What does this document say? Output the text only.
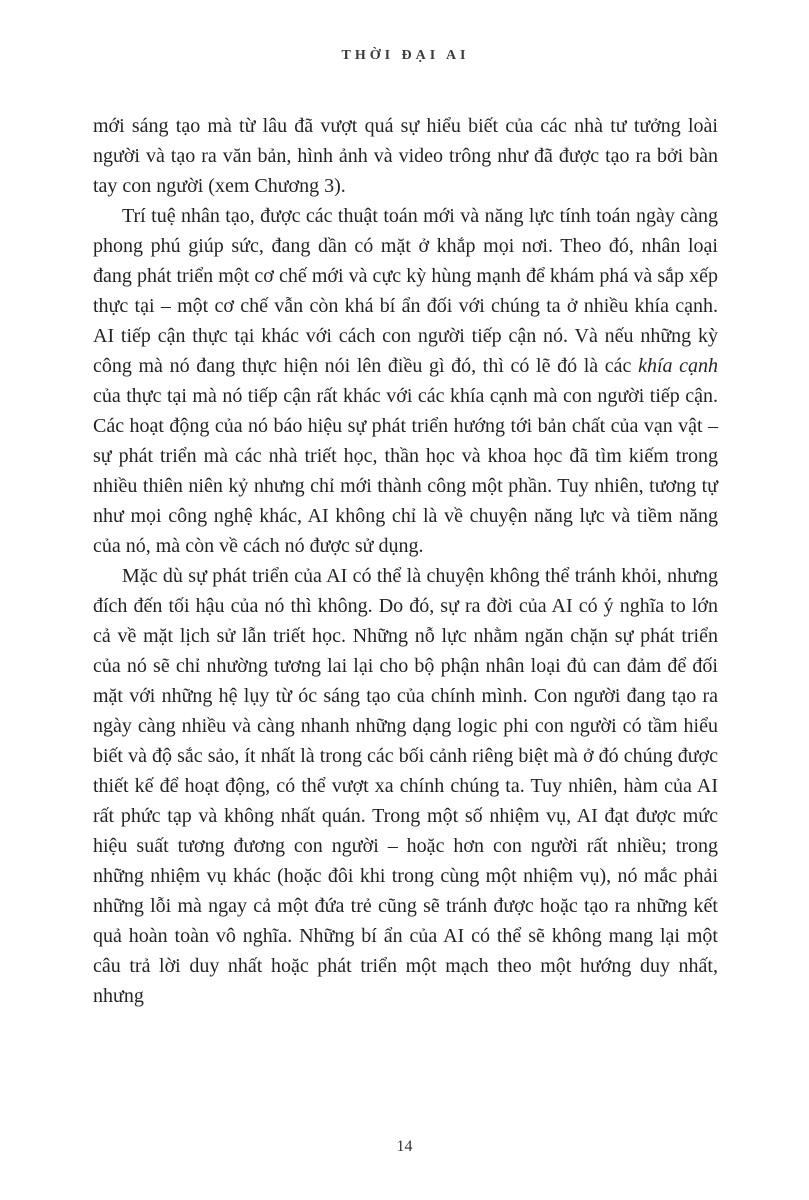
THỜI ĐẠI AI

mới sáng tạo mà từ lâu đã vượt quá sự hiểu biết của các nhà tư tưởng loài người và tạo ra văn bản, hình ảnh và video trông như đã được tạo ra bởi bàn tay con người (xem Chương 3).

Trí tuệ nhân tạo, được các thuật toán mới và năng lực tính toán ngày càng phong phú giúp sức, đang dần có mặt ở khắp mọi nơi. Theo đó, nhân loại đang phát triển một cơ chế mới và cực kỳ hùng mạnh để khám phá và sắp xếp thực tại – một cơ chế vẫn còn khá bí ẩn đối với chúng ta ở nhiều khía cạnh. AI tiếp cận thực tại khác với cách con người tiếp cận nó. Và nếu những kỳ công mà nó đang thực hiện nói lên điều gì đó, thì có lẽ đó là các khía cạnh của thực tại mà nó tiếp cận rất khác với các khía cạnh mà con người tiếp cận. Các hoạt động của nó báo hiệu sự phát triển hướng tới bản chất của vạn vật – sự phát triển mà các nhà triết học, thần học và khoa học đã tìm kiếm trong nhiều thiên niên kỷ nhưng chỉ mới thành công một phần. Tuy nhiên, tương tự như mọi công nghệ khác, AI không chỉ là về chuyện năng lực và tiềm năng của nó, mà còn về cách nó được sử dụng.

Mặc dù sự phát triển của AI có thể là chuyện không thể tránh khỏi, nhưng đích đến tối hậu của nó thì không. Do đó, sự ra đời của AI có ý nghĩa to lớn cả về mặt lịch sử lẫn triết học. Những nỗ lực nhằm ngăn chặn sự phát triển của nó sẽ chỉ nhường tương lai lại cho bộ phận nhân loại đủ can đảm để đối mặt với những hệ lụy từ óc sáng tạo của chính mình. Con người đang tạo ra ngày càng nhiều và càng nhanh những dạng logic phi con người có tầm hiểu biết và độ sắc sảo, ít nhất là trong các bối cảnh riêng biệt mà ở đó chúng được thiết kế để hoạt động, có thể vượt xa chính chúng ta. Tuy nhiên, hàm của AI rất phức tạp và không nhất quán. Trong một số nhiệm vụ, AI đạt được mức hiệu suất tương đương con người – hoặc hơn con người rất nhiều; trong những nhiệm vụ khác (hoặc đôi khi trong cùng một nhiệm vụ), nó mắc phải những lỗi mà ngay cả một đứa trẻ cũng sẽ tránh được hoặc tạo ra những kết quả hoàn toàn vô nghĩa. Những bí ẩn của AI có thể sẽ không mang lại một câu trả lời duy nhất hoặc phát triển một mạch theo một hướng duy nhất, nhưng

14
